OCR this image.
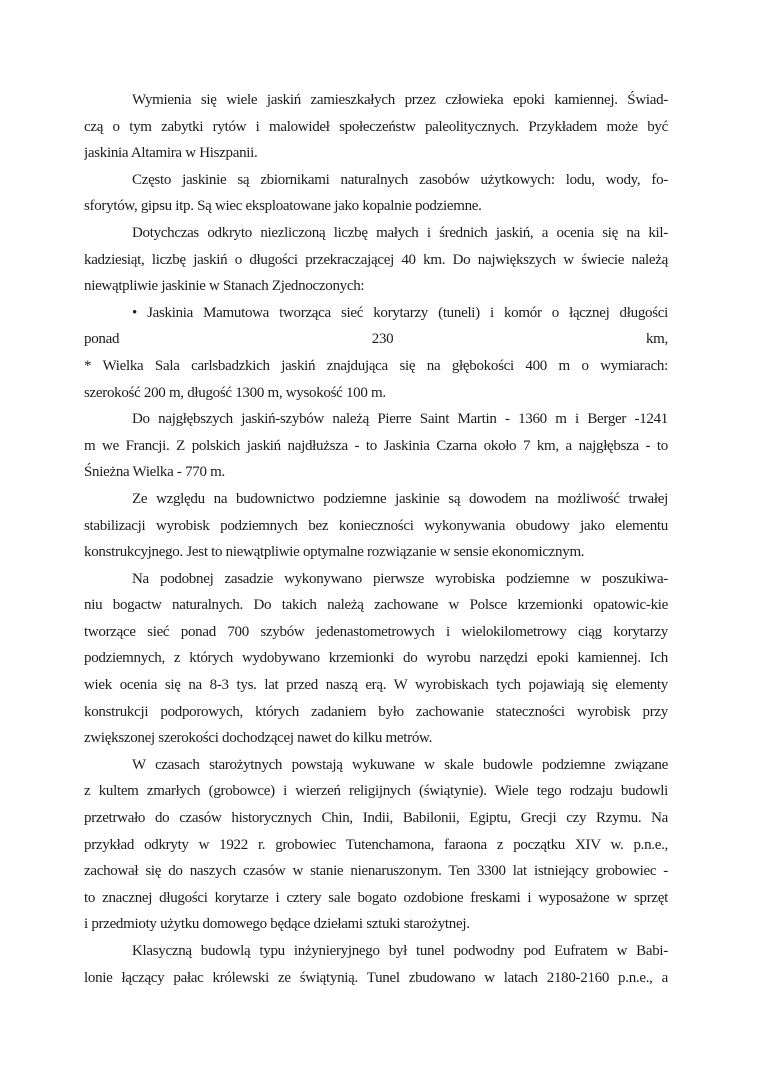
Wymienia się wiele jaskiń zamieszkałych przez człowieka epoki kamiennej. Świad-
czą o tym zabytki rytów i malowideł społeczeństw paleolitycznych. Przykładem może być
jaskinia Altamira w Hiszpanii.
Często jaskinie są zbiornikami naturalnych zasobów użytkowych: lodu, wody, fo-
sforytów, gipsu itp. Są wiec eksploatowane jako kopalnie podziemne.
Dotychczas odkryto niezliczoną liczbę małych i średnich jaskiń, a ocenia się na kil-
kadziesiąt, liczbę jaskiń o długości przekraczającej 40 km. Do największych w świecie należą
niewątpliwie jaskinie w Stanach Zjednoczonych:
• Jaskinia Mamutowa tworząca sieć korytarzy (tuneli) i komór o łącznej długości
ponad 230 km,
* Wielka Sala carlsbadzkich jaskiń znajdująca się na głębokości 400 m o wymiarach:
szerokość 200 m, długość 1300 m, wysokość 100 m.
Do najgłębszych jaskiń-szybów należą Pierre Saint Martin - 1360 m i Berger -1241
m we Francji. Z polskich jaskiń najdłuższa - to Jaskinia Czarna około 7 km, a najgłębsza - to
Śnieżna Wielka - 770 m.
Ze względu na budownictwo podziemne jaskinie są dowodem na możliwość trwałej
stabilizacji wyrobisk podziemnych bez konieczności wykonywania obudowy jako elementu
konstrukcyjnego. Jest to niewątpliwie optymalne rozwiązanie w sensie ekonomicznym.
Na podobnej zasadzie wykonywano pierwsze wyrobiska podziemne w poszukiwa-
niu bogactw naturalnych. Do takich należą zachowane w Polsce krzemionki opatowic-kie
tworzące sieć ponad 700 szybów jedenastometrowych i wielokilometrowy ciąg korytarzy
podziemnych, z których wydobywano krzemionki do wyrobu narzędzi epoki kamiennej. Ich
wiek ocenia się na 8-3 tys. lat przed naszą erą. W wyrobiskach tych pojawiają się elementy
konstrukcji podporowych, których zadaniem było zachowanie stateczności wyrobisk przy
zwiększonej szerokości dochodzącej nawet do kilku metrów.
W czasach starożytnych powstają wykuwane w skale budowle podziemne związane
z kultem zmarłych (grobowce) i wierzeń religijnych (świątynie). Wiele tego rodzaju budowli
przetrwało do czasów historycznych Chin, Indii, Babilonii, Egiptu, Grecji czy Rzymu. Na
przykład odkryty w 1922 r. grobowiec Tutenchamona, faraona z początku XIV w. p.n.e.,
zachował się do naszych czasów w stanie nienaruszonym. Ten 3300 lat istniejący grobowiec -
to znacznej długości korytarze i cztery sale bogato ozdobione freskami i wyposażone w sprzęt
i przedmioty użytku domowego będące dziełami sztuki starożytnej.
Klasyczną budowlą typu inżynieryjnego był tunel podwodny pod Eufratem w Babi-
lonie łączący pałac królewski ze świątynią. Tunel zbudowano w latach 2180-2160 p.n.e., a
